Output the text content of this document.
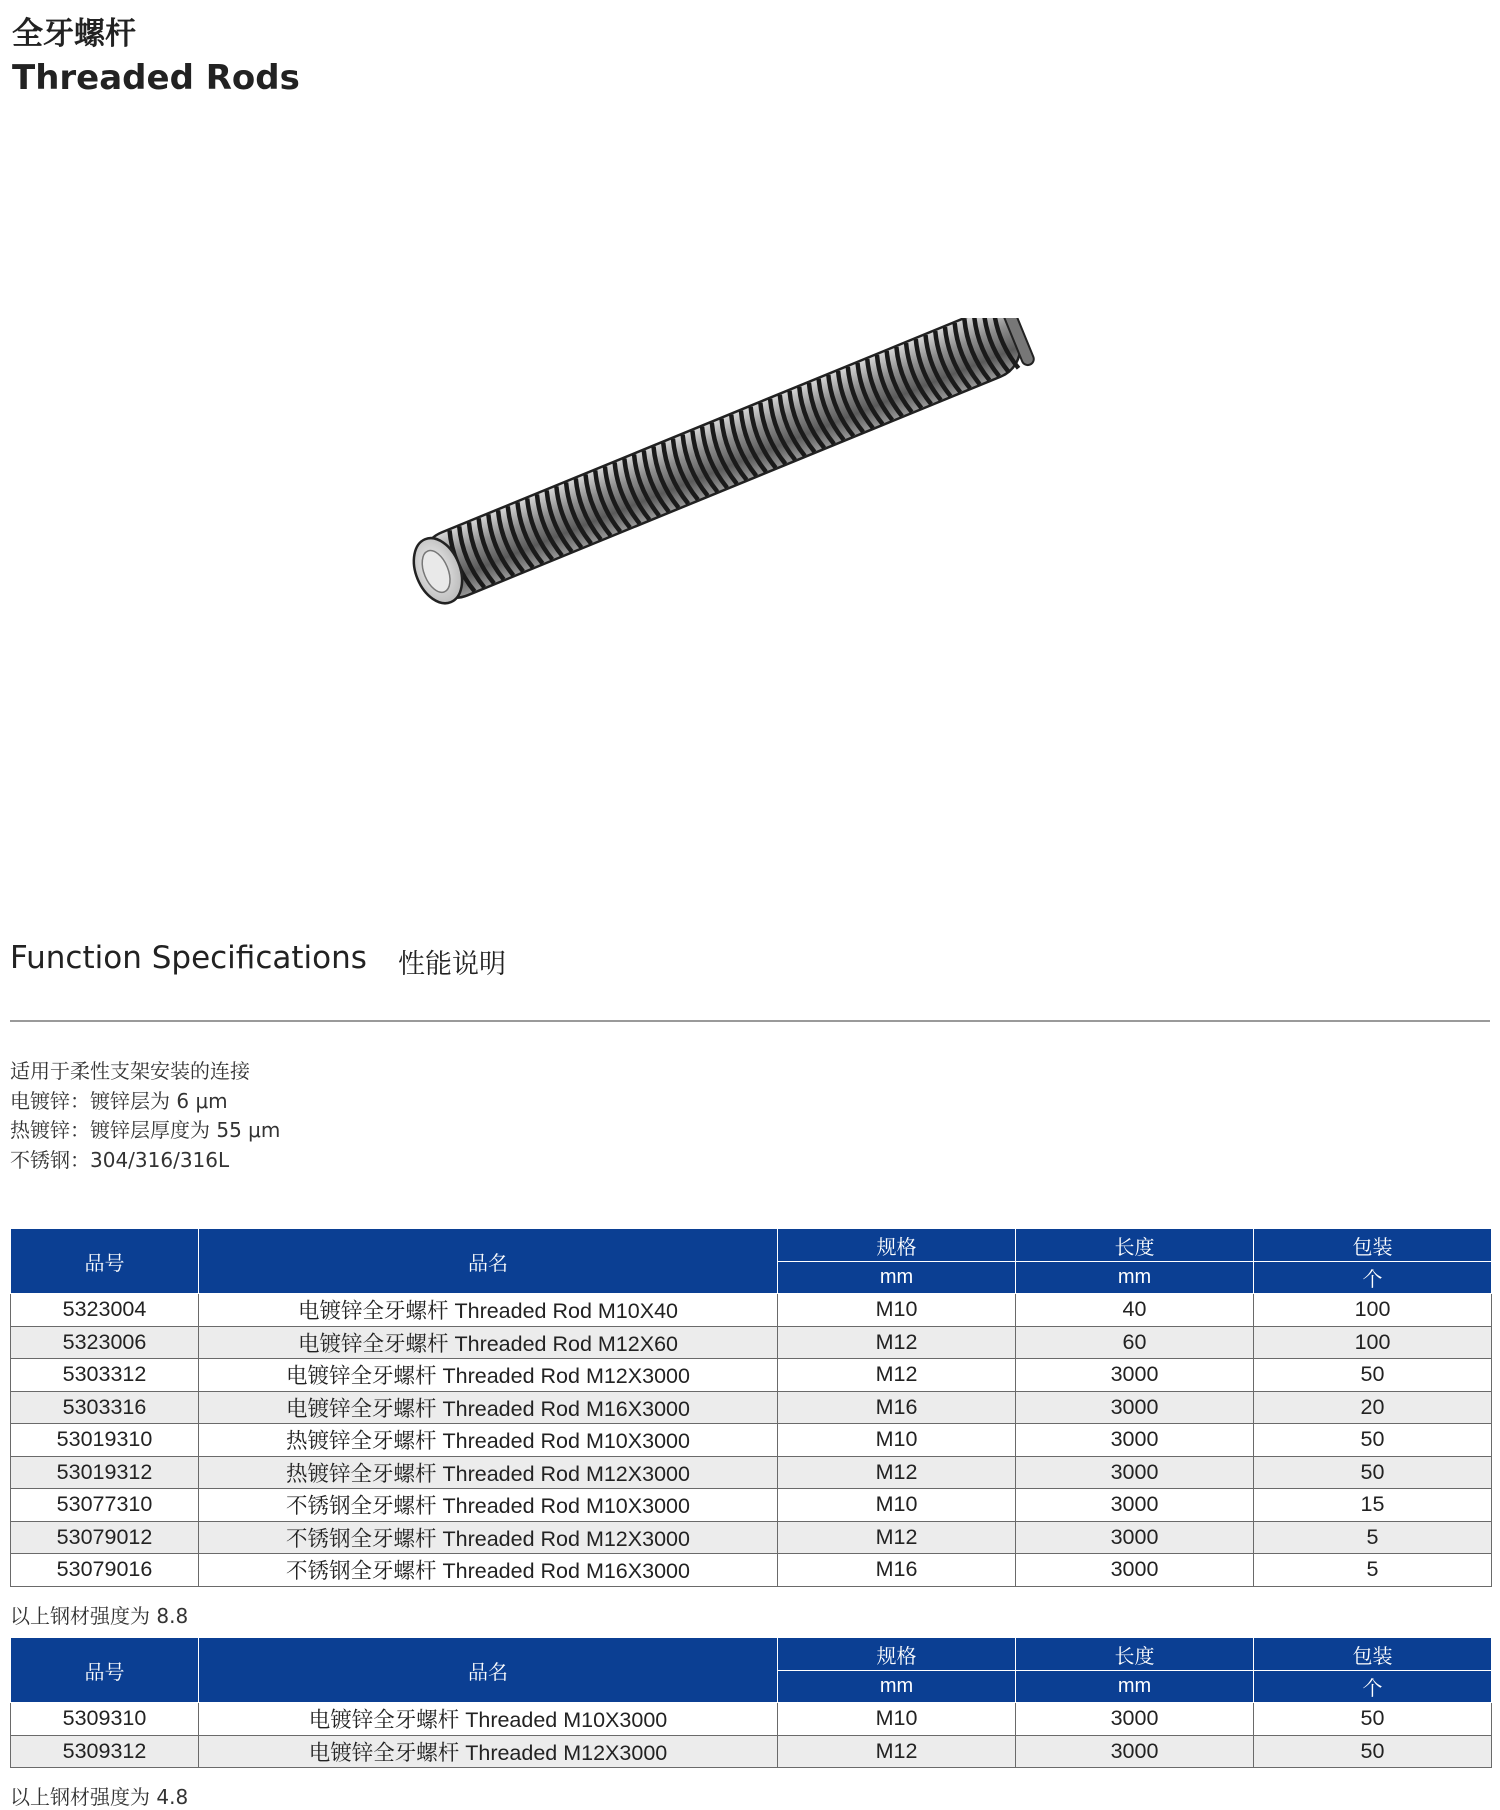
全牙螺杆
Threaded Rods
Function Specifications 性能说明
适用于柔性支架安装的连接
电镀锌：镀锌层为 6 μm
热镀锌：镀锌层厚度为 55 μm
不锈钢：304/316/316L
品号	品名	规格	长度	包装
		mm	mm	个
5323004	电镀锌全牙螺杆 Threaded Rod M10X40	M10	40	100
5323006	电镀锌全牙螺杆 Threaded Rod M12X60	M12	60	100
5303312	电镀锌全牙螺杆 Threaded Rod M12X3000	M12	3000	50
5303316	电镀锌全牙螺杆 Threaded Rod M16X3000	M16	3000	20
53019310	热镀锌全牙螺杆 Threaded Rod M10X3000	M10	3000	50
53019312	热镀锌全牙螺杆 Threaded Rod M12X3000	M12	3000	50
53077310	不锈钢全牙螺杆 Threaded Rod M10X3000	M10	3000	15
53079012	不锈钢全牙螺杆 Threaded Rod M12X3000	M12	3000	5
53079016	不锈钢全牙螺杆 Threaded Rod M16X3000	M16	3000	5
以上钢材强度为 8.8
品号	品名	规格	长度	包装
		mm	mm	个
5309310	电镀锌全牙螺杆 Threaded M10X3000	M10	3000	50
5309312	电镀锌全牙螺杆 Threaded M12X3000	M12	3000	50
以上钢材强度为 4.8
